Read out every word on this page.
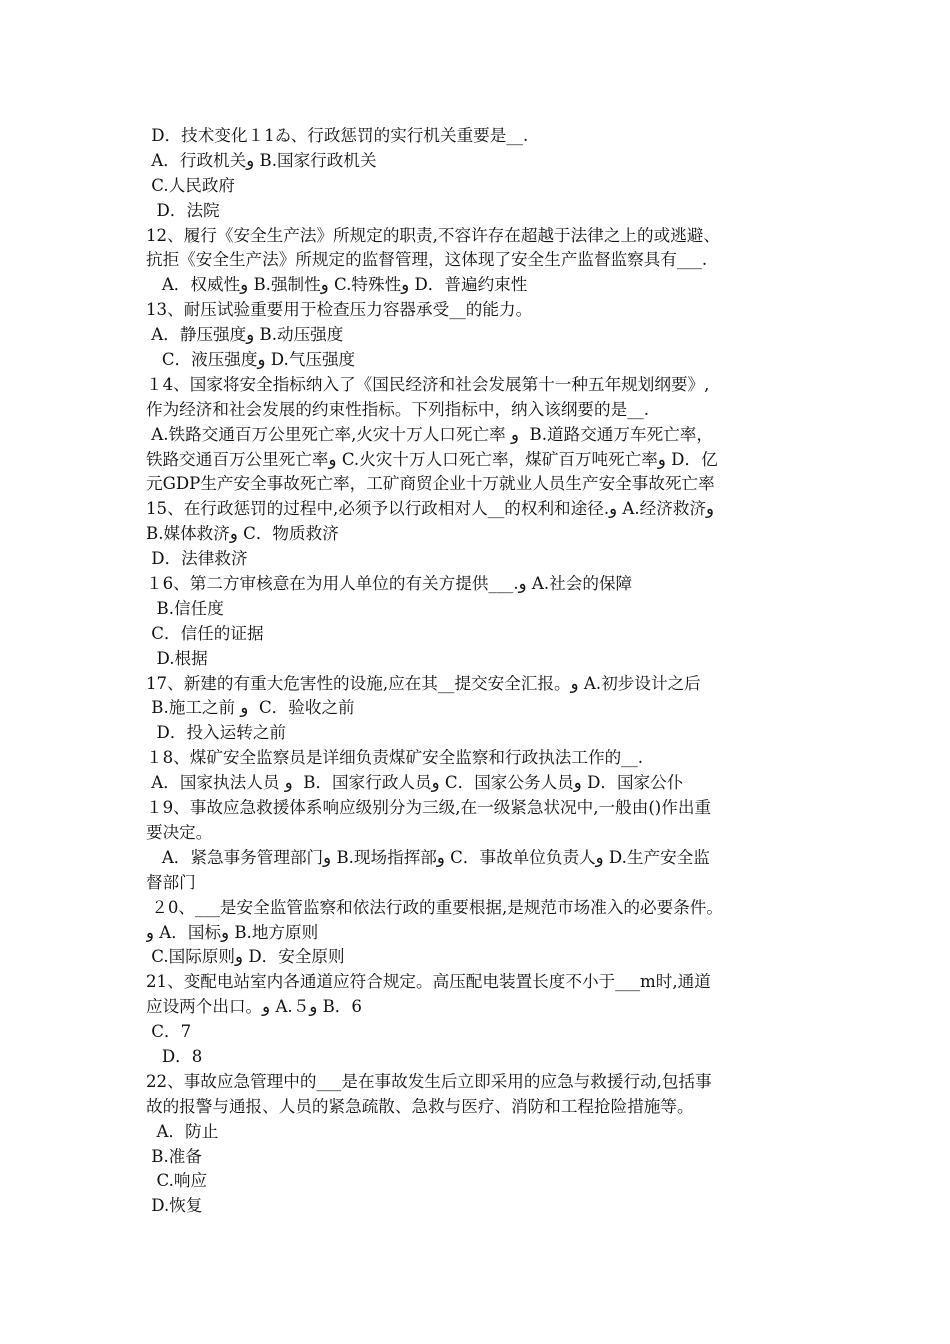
D．技术变化１1ゐ、行政惩罚的实行机关重要是__.
A．行政机关و B.国家行政机关
C.人民政府
D．法院
12、履行《安全生产法》所规定的职责,不容许存在超越于法律之上的或逃避、
抗拒《安全生产法》所规定的监督管理，这体现了安全生产监督监察具有___.
A．权威性و B.强制性و C.特殊性و D．普遍约束性
13、耐压试验重要用于检查压力容器承受__的能力。
A．静压强度و B.动压强度
C．液压强度و D.气压强度
１4、国家将安全指标纳入了《国民经济和社会发展第十一种五年规划纲要》,
作为经济和社会发展的约束性指标。下列指标中，纳入该纲要的是__.
A.铁路交通百万公里死亡率,火灾十万人口死亡率 و  B.道路交通万车死亡率，
铁路交通百万公里死亡率و C.火灾十万人口死亡率，煤矿百万吨死亡率و D．亿
元GDP生产安全事故死亡率，工矿商贸企业十万就业人员生产安全事故死亡率
15、在行政惩罚的过程中,必须予以行政相对人__的权利和途径.و A.经济救济و
B.媒体救济و C．物质救济
D．法律救济
１6、第二方审核意在为用人单位的有关方提供___.و A.社会的保障
B.信任度
C．信任的证据
D.根据
17、新建的有重大危害性的设施,应在其__提交安全汇报。و A.初步设计之后
B.施工之前 و  C．验收之前
D．投入运转之前
１8、煤矿安全监察员是详细负责煤矿安全监察和行政执法工作的__.
A．国家执法人员 و  B．国家行政人员و C．国家公务人员و D．国家公仆
１9、事故应急救援体系响应级别分为三级,在一级紧急状况中,一般由()作出重
要决定。
A．紧急事务管理部门و B.现场指挥部و C．事故单位负责人و D.生产安全监
督部门
２0、___是安全监管监察和依法行政的重要根据,是规范市场准入的必要条件。
و A．国标و B.地方原则
C.国际原则و D．安全原则
21、变配电站室内各通道应符合规定。高压配电装置长度不小于___m时,通道
应设两个出口。و A.５و B．6
C．7
D．8
22、事故应急管理中的___是在事故发生后立即采用的应急与救援行动,包括事
故的报警与通报、人员的紧急疏散、急救与医疗、消防和工程抢险措施等。
A．防止
B.准备
C.响应
D.恢复
